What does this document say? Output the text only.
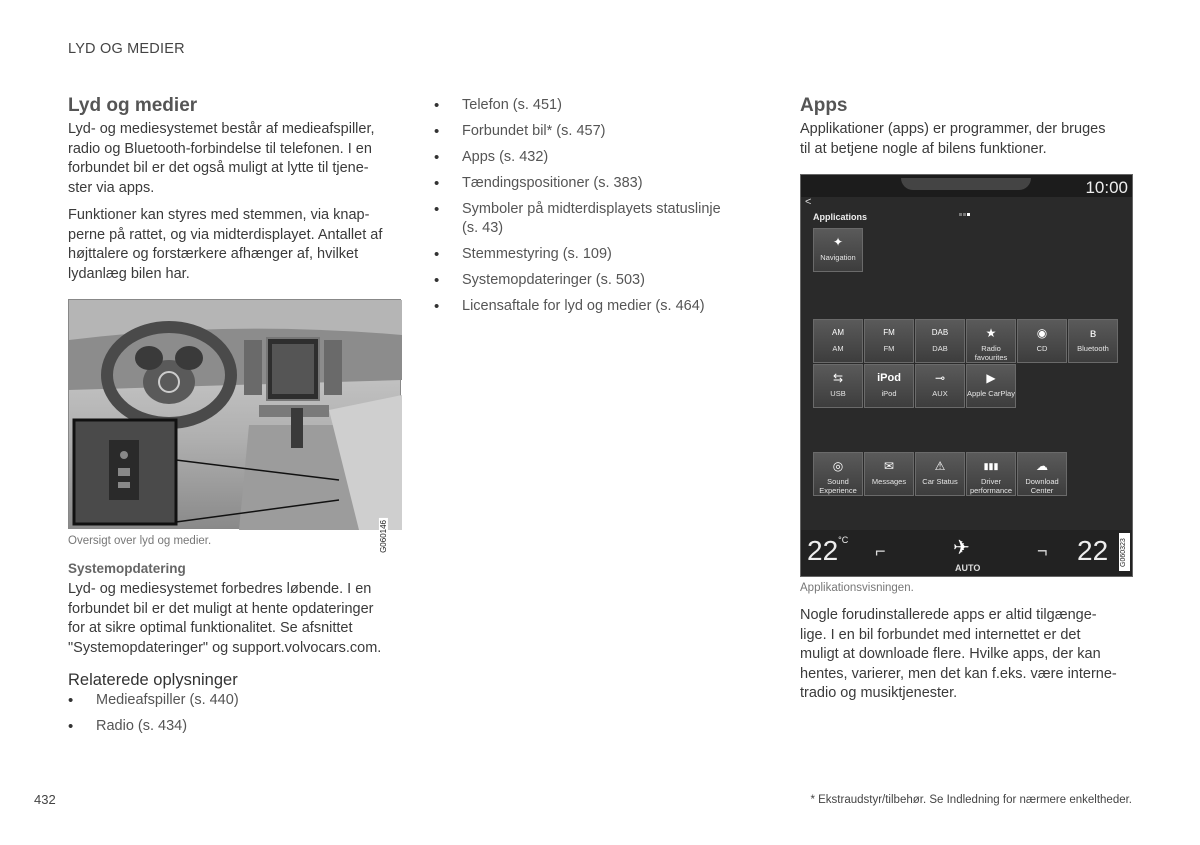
LYD OG MEDIER
Lyd og medier

Lyd- og mediesystemet består af medieafspiller,

radio og Bluetooth-forbindelse til telefonen. I en

forbundet bil er det også muligt at lytte til tjene-

ster via apps.

Funktioner kan styres med stemmen, via knap-

perne på rattet, og via midterdisplayet. Antallet af

højttalere og forstærkere afhænger af, hvilket

lydanlæg bilen har.

G060146
Oversigt over lyd og medier.
Systemopdatering

Lyd- og mediesystemet forbedres løbende. I en

forbundet bil er det muligt at hente opdateringer

for at sikre optimal funktionalitet. Se afsnittet

"Systemopdateringer" og support.volvocars.com.

Relaterede oplysninger
• Medieafspiller (s. 440)
• Radio (s. 434)
• Telefon (s. 451)
• Forbundet bil* (s. 457)
• Apps (s. 432)
• Tændingspositioner (s. 383)
• Symboler på midterdisplayets statuslinje
(s. 43)
• Stemmestyring (s. 109)
• Systemopdateringer (s. 503)
• Licensaftale for lyd og medier (s. 464)
Apps

Applikationer (apps) er programmer, der bruges

til at betjene nogle af bilens funktioner.

10:00
<
Applications
✦
Navigation
AM
AM
FM
FM
DAB
DAB
★
Radio favourites
◉
CD
ʙ
Bluetooth
⇆
USB
iPod
iPod
⊸
AUX
▶
Apple CarPlay
◎
Sound Experience
✉
Messages
⚠
Car Status
▮▮▮
Driver performance
☁
Download Center
$22^{^\circ C}$
⌐	✈
AUTO
¬ 22 G060323
Applikationsvisningen.

Nogle forudinstallerede apps er altid tilgænge-

lige. I en bil forbundet med internettet er det

muligt at downloade flere. Hvilke apps, der kan

hentes, varierer, men det kan f.eks. være interne-

tradio og musiktjenester.

432	* Ekstraudstyr/tilbehør. Se Indledning for nærmere enkeltheder.
